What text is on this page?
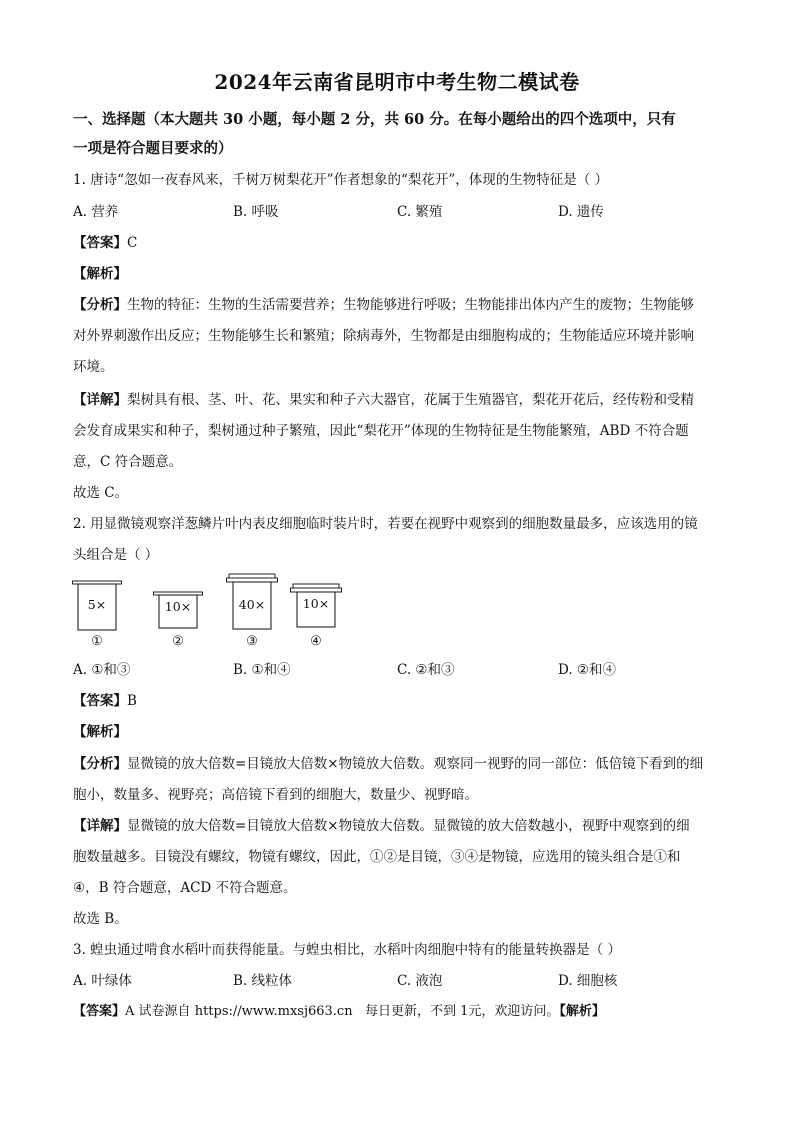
2024年云南省昆明市中考生物二模试卷
一、选择题（本大题共 30 小题，每小题 2 分，共 60 分。在每小题给出的四个选项中，只有
一项是符合题目要求的）
1. 唐诗“忽如一夜春风来，千树万树梨花开”作者想象的“梨花开”，体现的生物特征是（ ）
A. 营养	B. 呼吸	C. 繁殖	D. 遗传
【答案】C
【解析】
【分析】生物的特征：生物的生活需要营养；生物能够进行呼吸；生物能排出体内产生的废物；生物能够
对外界刺激作出反应；生物能够生长和繁殖；除病毒外，生物都是由细胞构成的；生物能适应环境并影响
环境。
【详解】梨树具有根、茎、叶、花、果实和种子六大器官，花属于生殖器官，梨花开花后，经传粉和受精
会发育成果实和种子，梨树通过种子繁殖，因此“梨花开”体现的生物特征是生物能繁殖，ABD 不符合题
意，C 符合题意。
故选 C。
2. 用显微镜观察洋葱鳞片叶内表皮细胞临时装片时，若要在视野中观察到的细胞数量最多，应该选用的镜
头组合是（ ）
5×
①
10×
②
40×
③
10×
④
A. ①和③	B. ①和④	C. ②和③	D. ②和④
【答案】B
【解析】
【分析】显微镜的放大倍数=目镜放大倍数×物镜放大倍数。观察同一视野的同一部位：低倍镜下看到的细
胞小，数量多、视野亮；高倍镜下看到的细胞大，数量少、视野暗。
【详解】显微镜的放大倍数=目镜放大倍数×物镜放大倍数。显微镜的放大倍数越小，视野中观察到的细
胞数量越多。目镜没有螺纹，物镜有螺纹，因此，①②是目镜，③④是物镜，应选用的镜头组合是①和
④，B 符合题意，ACD 不符合题意。
故选 B。
3. 蝗虫通过啃食水稻叶而获得能量。与蝗虫相比，水稻叶肉细胞中特有的能量转换器是（ ）
A. 叶绿体	B. 线粒体	C. 液泡	D. 细胞核
【答案】A 试卷源自 https://www.mxsj663.cn 每日更新，不到 1元，欢迎访问。【解析】
